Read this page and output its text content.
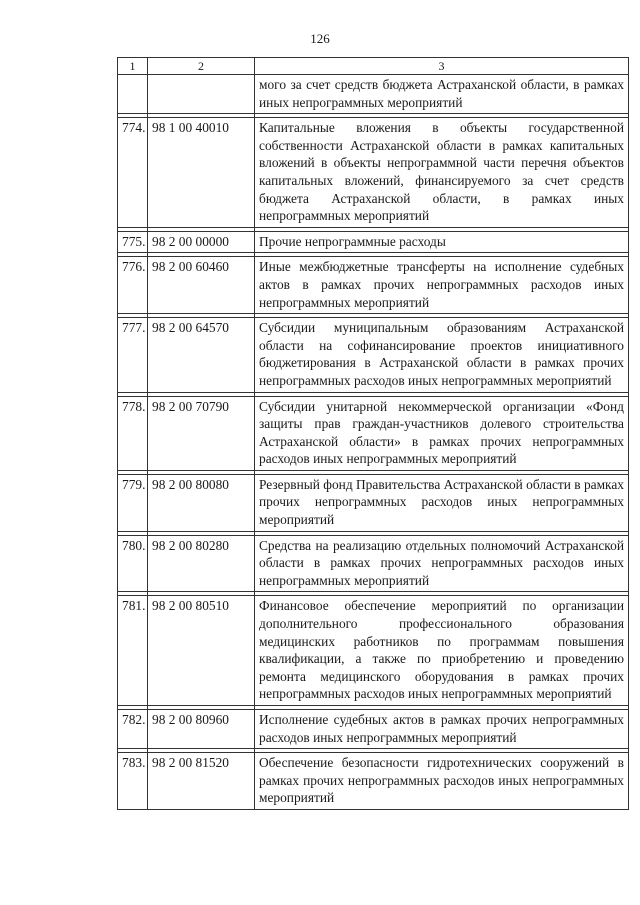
126
1	2	3
		мого за счет средств бюджета Астраханской области, в рамках иных непрограммных мероприятий

774.	98 1 00 40010	Капитальные вложения в объекты государственной собственности Астраханской области в рамках капитальных вложений в объекты непрограммной части перечня объектов капитальных вложений, финансируемого за счет средств бюджета Астраханской области, в рамках иных непрограммных мероприятий

775.	98 2 00 00000	Прочие непрограммные расходы

776.	98 2 00 60460	Иные межбюджетные трансферты на исполнение судебных актов в рамках прочих непрограммных расходов иных непрограммных мероприятий

777.	98 2 00 64570	Субсидии муниципальным образованиям Астраханской области на софинансирование проектов инициативного бюджетирования в Астраханской области в рамках прочих непрограммных расходов иных непрограммных мероприятий

778.	98 2 00 70790	Субсидии унитарной некоммерческой организации «Фонд защиты прав граждан-участников долевого строительства Астраханской области» в рамках прочих непрограммных расходов иных непрограммных мероприятий

779.	98 2 00 80080	Резервный фонд Правительства Астраханской области в рамках прочих непрограммных расходов иных непрограммных мероприятий

780.	98 2 00 80280	Средства на реализацию отдельных полномочий Астраханской области в рамках прочих непрограммных расходов иных непрограммных мероприятий

781.	98 2 00 80510	Финансовое обеспечение мероприятий по организации дополнительного профессионального образования медицинских работников по программам повышения квалификации, а также по приобретению и проведению ремонта медицинского оборудования в рамках прочих непрограммных расходов иных непрограммных мероприятий

782.	98 2 00 80960	Исполнение судебных актов в рамках прочих непрограммных расходов иных непрограммных мероприятий

783.	98 2 00 81520	Обеспечение безопасности гидротехнических сооружений в рамках прочих непрограммных расходов иных непрограммных мероприятий
